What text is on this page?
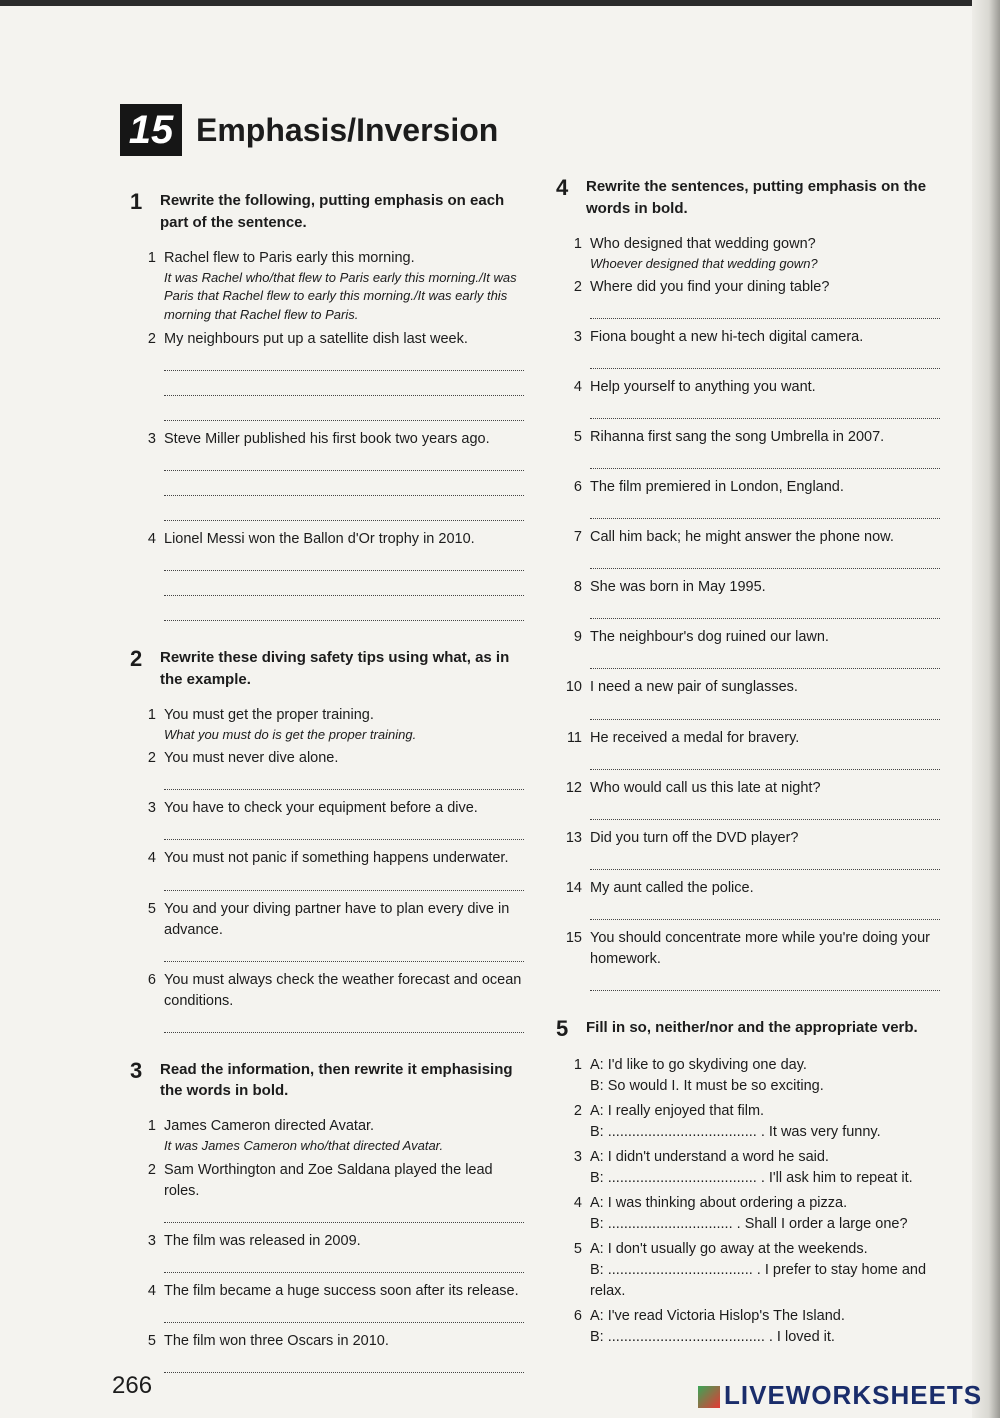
15 Emphasis/Inversion
1	Rewrite the following, putting emphasis on each part of the sentence.
1 Rachel flew to Paris early this morning.
It was Rachel who/that flew to Paris early this morning./It was Paris that Rachel flew to early this morning./It was early this morning that Rachel flew to Paris.
2 My neighbours put up a satellite dish last week.
3 Steve Miller published his first book two years ago.
4 Lionel Messi won the Ballon d'Or trophy in 2010.
2	Rewrite these diving safety tips using what, as in the example.
1 You must get the proper training.
What you must do is get the proper training.
2 You must never dive alone.
3 You have to check your equipment before a dive.
4 You must not panic if something happens underwater.
5 You and your diving partner have to plan every dive in advance.
6 You must always check the weather forecast and ocean conditions.
3	Read the information, then rewrite it emphasising the words in bold.
1 James Cameron directed Avatar.
It was James Cameron who/that directed Avatar.
2 Sam Worthington and Zoe Saldana played the lead roles.
3 The film was released in 2009.
4 The film became a huge success soon after its release.
5 The film won three Oscars in 2010.
4	Rewrite the sentences, putting emphasis on the words in bold.
1 Who designed that wedding gown?
Whoever designed that wedding gown?
2 Where did you find your dining table?
3 Fiona bought a new hi-tech digital camera.
4 Help yourself to anything you want.
5 Rihanna first sang the song Umbrella in 2007.
6 The film premiered in London, England.
7 Call him back; he might answer the phone now.
8 She was born in May 1995.
9 The neighbour's dog ruined our lawn.
10 I need a new pair of sunglasses.
11 He received a medal for bravery.
12 Who would call us this late at night?
13 Did you turn off the DVD player?
14 My aunt called the police.
15 You should concentrate more while you're doing your homework.
5	Fill in so, neither/nor and the appropriate verb.
1 A: I'd like to go skydiving one day.
B: So would I. It must be so exciting.
2 A: I really enjoyed that film.
B: ..................................... . It was very funny.
3 A: I didn't understand a word he said.
B: ..................................... . I'll ask him to repeat it.
4 A: I was thinking about ordering a pizza.
B: ............................... . Shall I order a large one?
5 A: I don't usually go away at the weekends.
B: .................................... . I prefer to stay home and relax.
6 A: I've read Victoria Hislop's The Island.
B: ....................................... . I loved it.
266	LIVEWORKSHEETS
